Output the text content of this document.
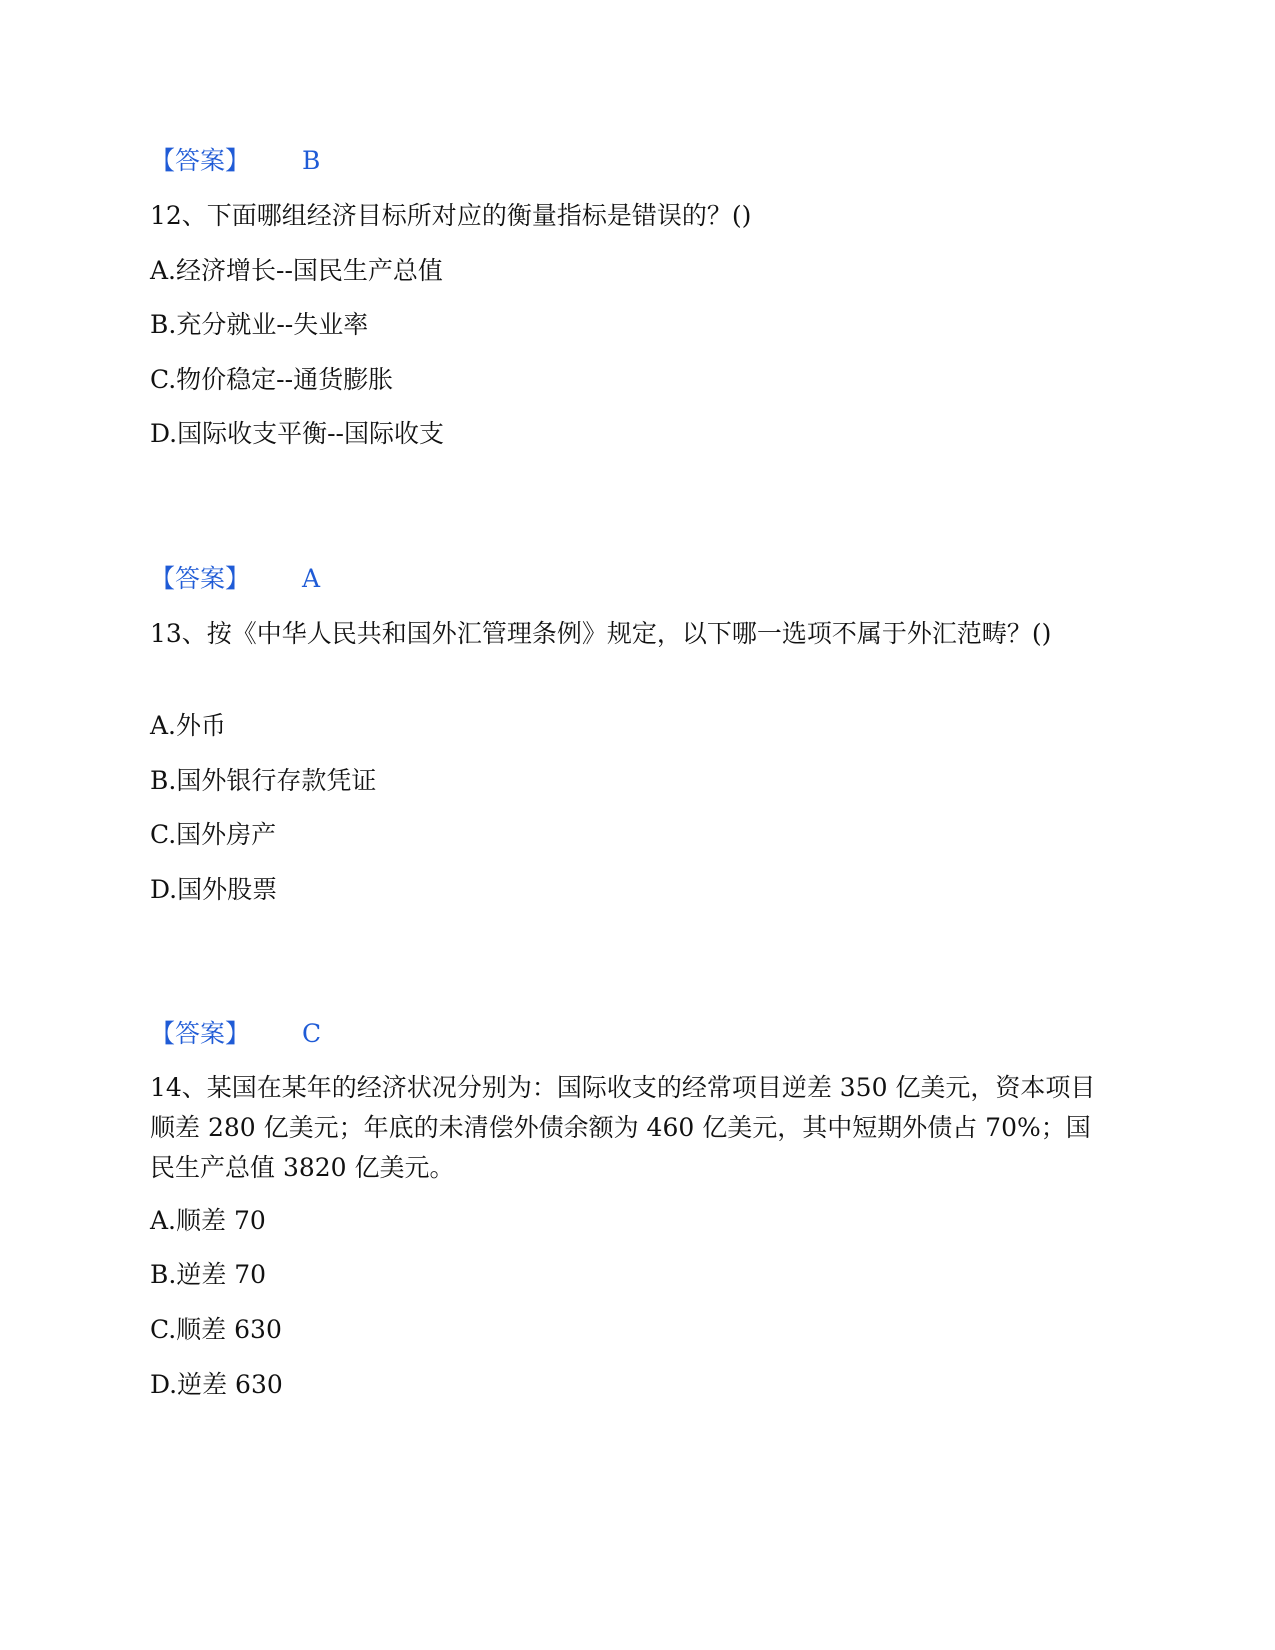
【答案】 B
12、下面哪组经济目标所对应的衡量指标是错误的？()
A.经济增长--国民生产总值
B.充分就业--失业率
C.物价稳定--通货膨胀
D.国际收支平衡--国际收支
【答案】 A
13、按《中华人民共和国外汇管理条例》规定，以下哪一选项不属于外汇范畴？()
A.外币
B.国外银行存款凭证
C.国外房产
D.国外股票
【答案】 C
14、某国在某年的经济状况分别为：国际收支的经常项目逆差 350 亿美元，资本项目顺差 280 亿美元；年底的未清偿外债余额为 460 亿美元，其中短期外债占 70%；国民生产总值 3820 亿美元。
A.顺差 70
B.逆差 70
C.顺差 630
D.逆差 630
